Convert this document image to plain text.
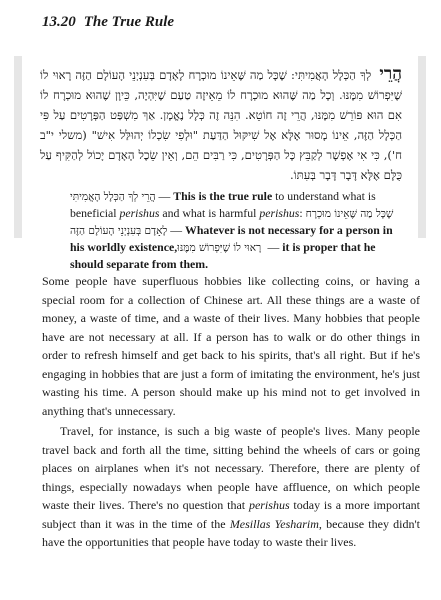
13.20 The True Rule
הֲרֵי לְךָ הַכְּלָל הָאֲמִיתִּי: שֶׁכָּל מַה שֶּׁאֵינוֹ מוּכְרָח לָאָדָם בְּעִנְיְנֵי הָעוֹלָם הַזֶּה רָאוּי לוֹ שֶׁיִּפְרוֹשׁ מִמֶּנּוּ. וְכָל מַה שֶּׁהוּא מוּכְרָח לוֹ מֵאֵיזֶה טַעַם שֶׁיִּהְיֶה, כֵּיוָן שֶׁהוּא מוּכְרָח לוֹ אִם הוּא פּוֹרֵשׁ מִמֶּנּוּ, הֲרֵי זֶה חוֹטֵא. הִנֵּה זֶה כְּלָל נֶאֱמָן. אַךְ מִשְׁפַּט הַפְּרָטִים עַל פִּי הַכְּלָל הַזֶּה, אֵינוֹ מָסוּר אֶלָּא אֶל שִׁיקּוּל הַדַּעַת "וּלְפִי שִׂכְלוֹ יְהוּלַּל אִישׁ" (משלי י"ב ח'), כִּי אִי אֶפְשָׁר לְקַבֵּץ כָּל הַפְּרָטִים, כִּי רַבִּים הֵם, וְאֵין שֵׂכֶל הָאָדָם יָכוֹל לְהַקִּיף עַל כֻּלָּם אֶלָּא דָּבָר דָּבָר בְּעִתּוֹ.
הֲרֵי לְךָ הַכְּלָל הָאֲמִיתִּי — This is the true rule to understand what is beneficial perishus and what is harmful perishus: שֶׁכָּל מַה שֶּׁאֵינוֹ מוּכְרָח לָאָדָם בְּעִנְיְנֵי הָעוֹלָם הַזֶּה — Whatever is not necessary for a person in his worldly existence, רָאוּי לוֹ שֶׁיִּפְרוֹשׁ מִמֶּנּוּ — it is proper that he should separate from them.

Some people have superfluous hobbies like collecting coins, or having a special room for a collection of Chinese art. All these things are a waste of money, a waste of time, and a waste of their lives. Many hobbies that people have are not necessary at all. If a person has to walk or do other things in order to refresh himself and get back to his spirits, that's all right. But if he's engaging in hobbies that are just a form of imitating the environment, he's just wasting his time. A person should make up his mind not to get involved in anything that's unnecessary.

Travel, for instance, is such a big waste of people's lives. Many people travel back and forth all the time, sitting behind the wheels of cars or going places on airplanes when it's not necessary. Therefore, there are plenty of things, especially nowadays when people have affluence, on which people waste their lives. There's no question that perishus today is a more important subject than it was in the time of the Mesillas Yesharim, because they didn't have the opportunities that people have today to waste their lives.
